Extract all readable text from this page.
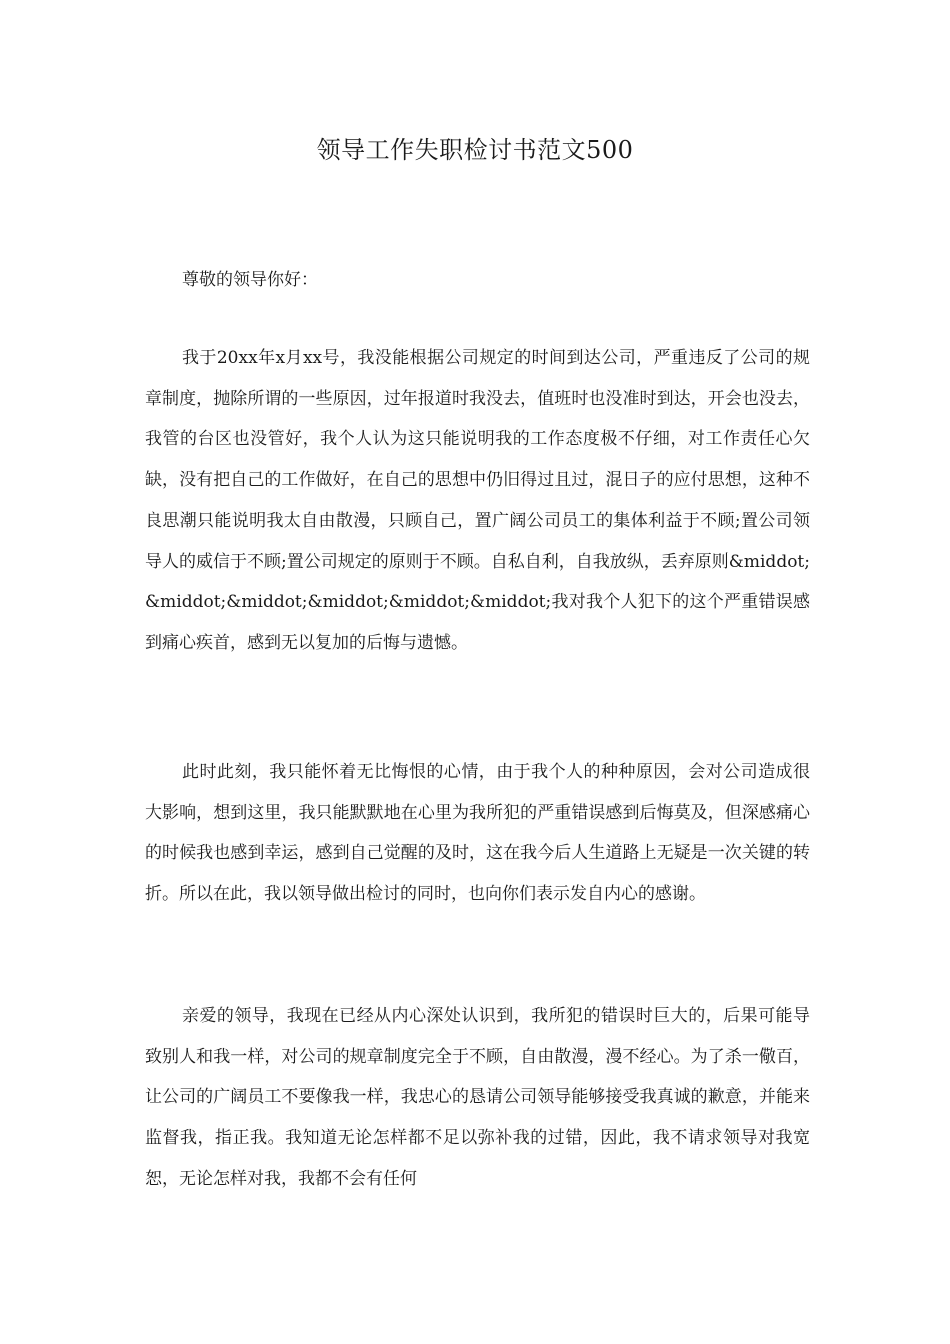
领导工作失职检讨书范文500
尊敬的领导你好：

我于20xx年x月xx号，我没能根据公司规定的时间到达公司，严重违反了公司的规章制度，抛除所谓的一些原因，过年报道时我没去，值班时也没准时到达，开会也没去，我管的台区也没管好，我个人认为这只能说明我的工作态度极不仔细，对工作责任心欠缺，没有把自己的工作做好，在自己的思想中仍旧得过且过，混日子的应付思想，这种不良思潮只能说明我太自由散漫，只顾自己，置广阔公司员工的集体利益于不顾;置公司领导人的威信于不顾;置公司规定的原则于不顾。自私自利，自我放纵，丢弃原则&middot;&middot;&middot;&middot;&middot;&middot;我对我个人犯下的这个严重错误感到痛心疾首，感到无以复加的后悔与遗憾。

此时此刻，我只能怀着无比悔恨的心情，由于我个人的种种原因，会对公司造成很大影响，想到这里，我只能默默地在心里为我所犯的严重错误感到后悔莫及，但深感痛心的时候我也感到幸运，感到自己觉醒的及时，这在我今后人生道路上无疑是一次关键的转折。所以在此，我以领导做出检讨的同时，也向你们表示发自内心的感谢。

亲爱的领导，我现在已经从内心深处认识到，我所犯的错误时巨大的，后果可能导致别人和我一样，对公司的规章制度完全于不顾，自由散漫，漫不经心。为了杀一儆百，让公司的广阔员工不要像我一样，我忠心的恳请公司领导能够接受我真诚的歉意，并能来监督我，指正我。我知道无论怎样都不足以弥补我的过错，因此，我不请求领导对我宽恕，无论怎样对我，我都不会有任何
